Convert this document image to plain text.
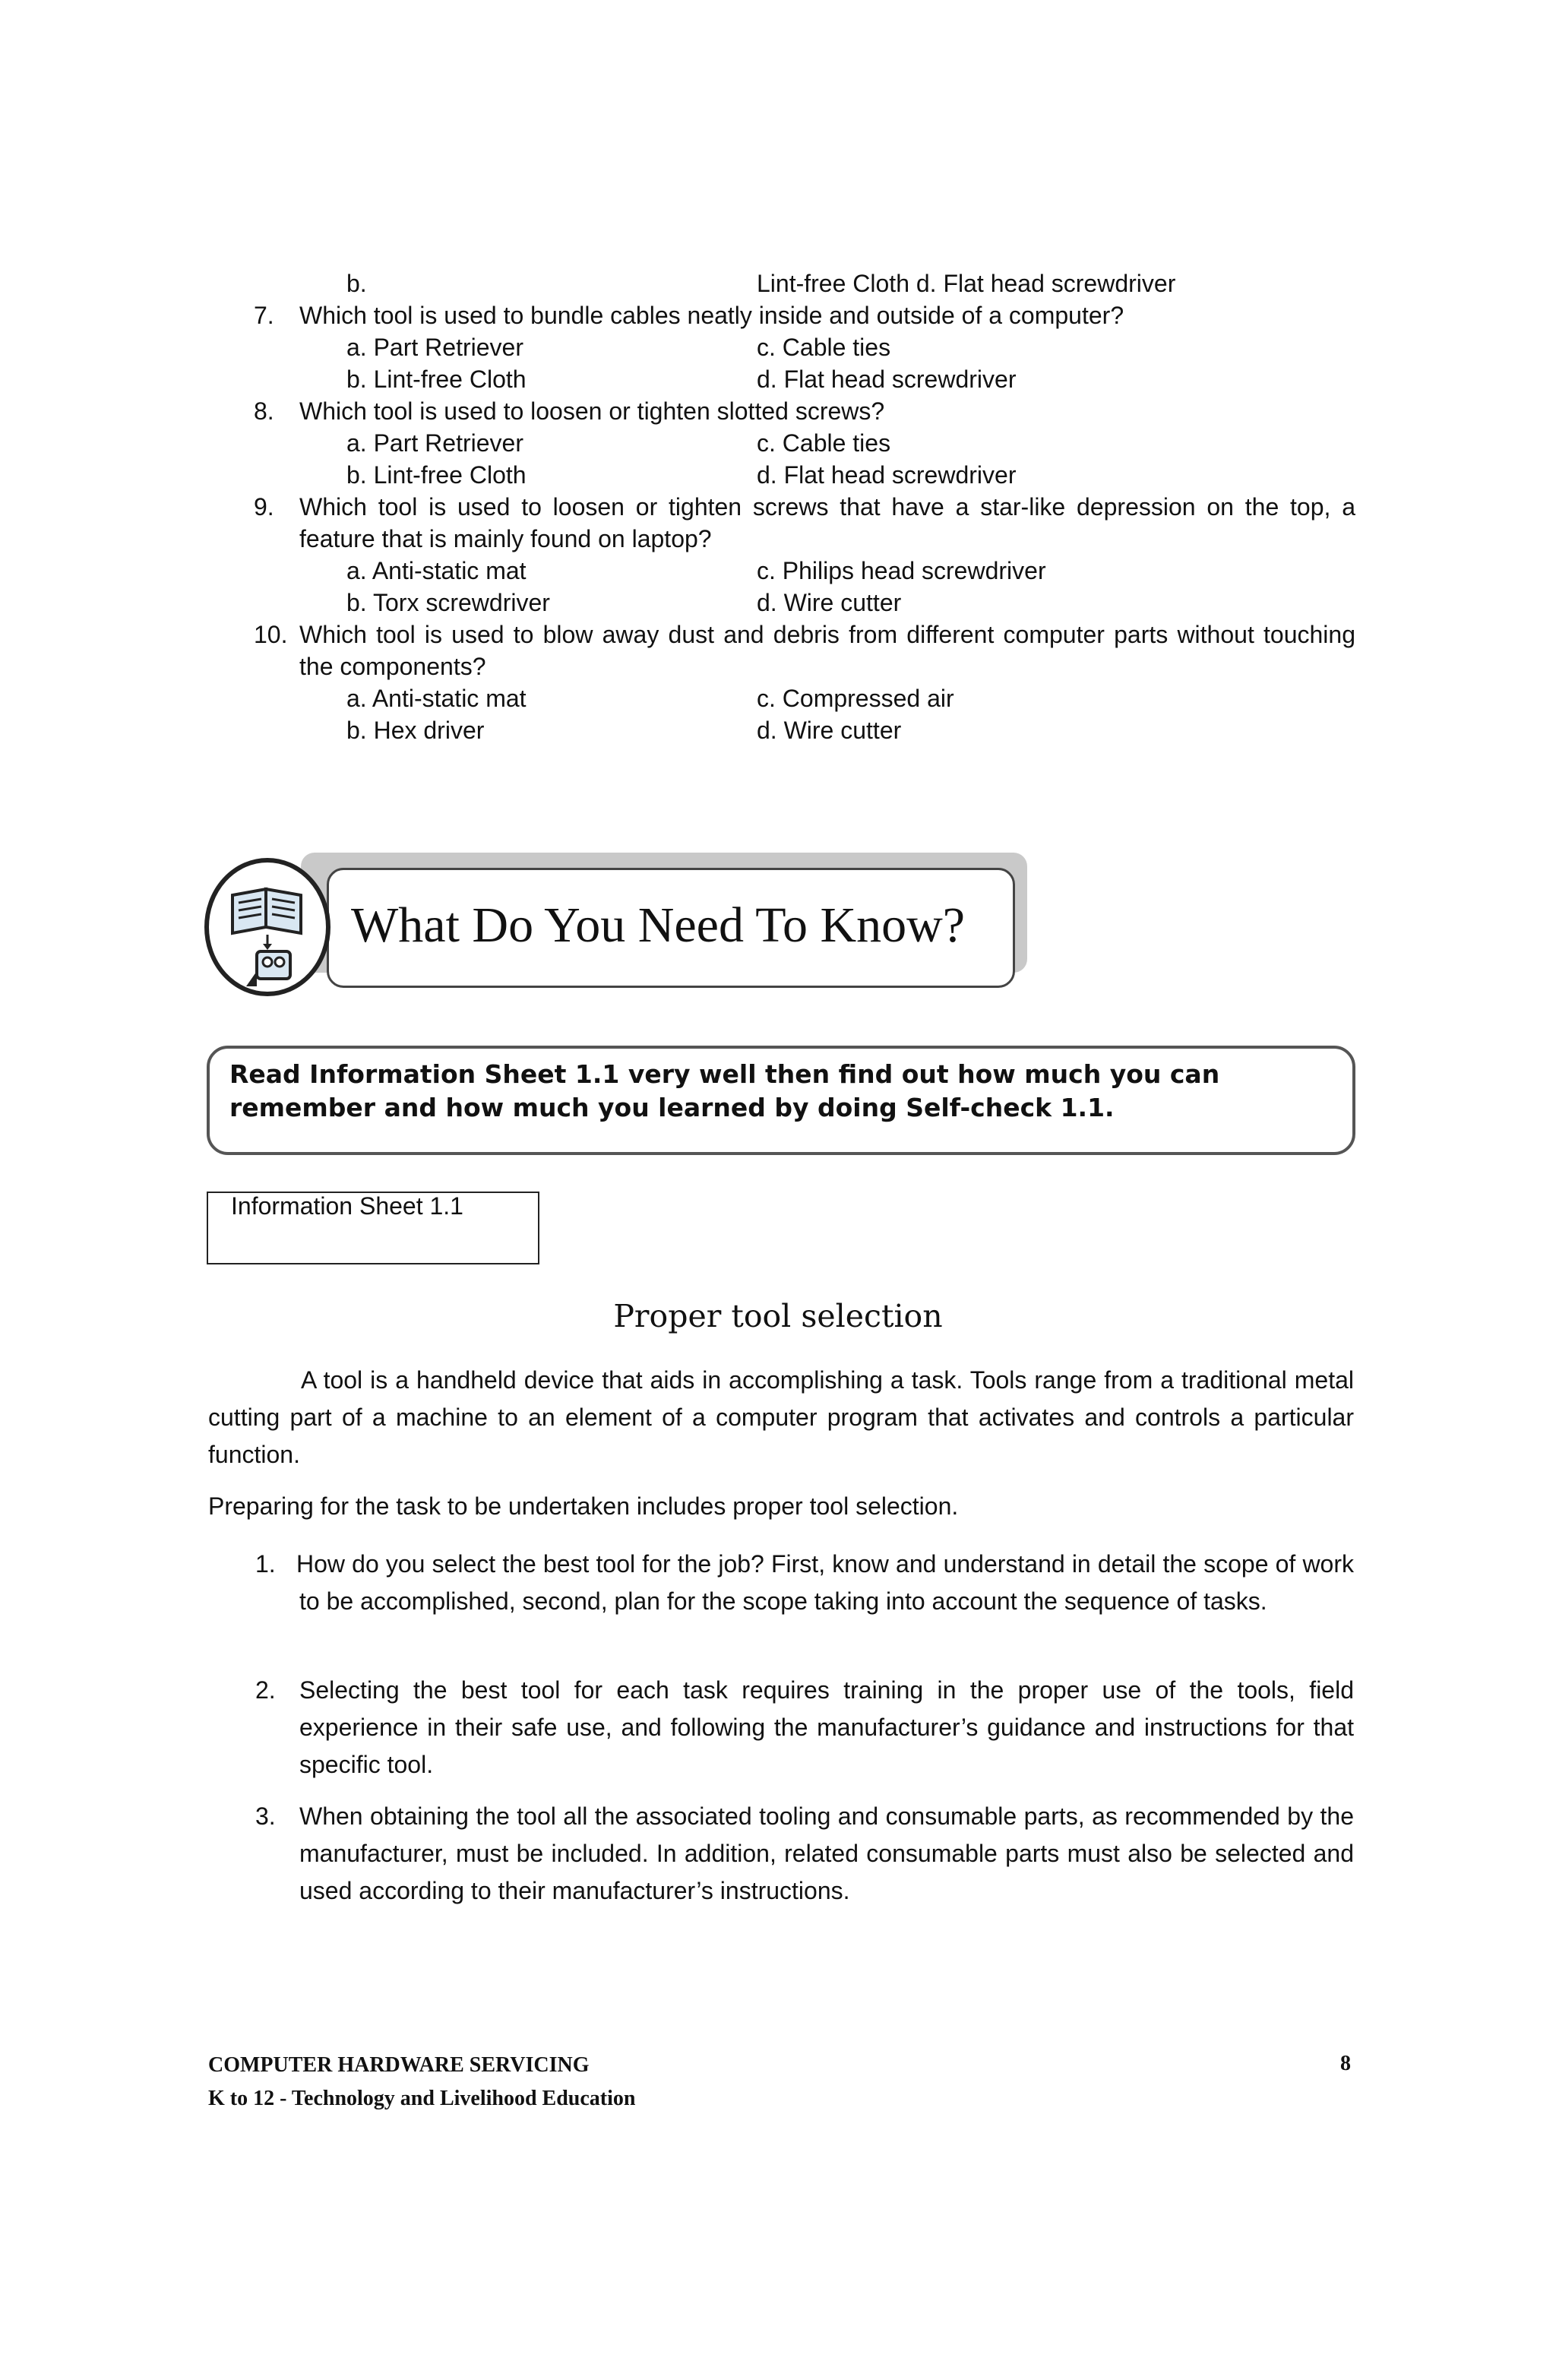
b.	Lint-free Cloth d. Flat head screwdriver
7. Which tool is used to bundle cables neatly inside and outside of a computer?
a. Part Retriever	c. Cable ties
b. Lint-free Cloth	d. Flat head screwdriver
8. Which tool is used to loosen or tighten slotted screws?
a. Part Retriever	c. Cable ties
b. Lint-free Cloth	d. Flat head screwdriver
9. Which tool is used to loosen or tighten screws that have a star-like depression on the top, a feature that is mainly found on laptop?
a. Anti-static mat	c. Philips head screwdriver
b. Torx screwdriver	d. Wire cutter
10. Which tool is used to blow away dust and debris from different computer parts without touching the components?
a. Anti-static mat	c. Compressed air
b. Hex driver	d. Wire cutter
What Do You Need To Know?
Read Information Sheet 1.1 very well then find out how much you can remember and how much you learned by doing Self-check 1.1.
Information Sheet 1.1
Proper tool selection
A tool is a handheld device that aids in accomplishing a task. Tools range from a traditional metal cutting part of a machine to an element of a computer program that activates and controls a particular function.
Preparing for the task to be undertaken includes proper tool selection.
1. How do you select the best tool for the job? First, know and understand in detail the scope of work to be accomplished, second, plan for the scope taking into account the sequence of tasks.
2. Selecting the best tool for each task requires training in the proper use of the tools, field experience in their safe use, and following the manufacturer’s guidance and instructions for that specific tool.
3. When obtaining the tool all the associated tooling and consumable parts, as recommended by the manufacturer, must be included. In addition, related consumable parts must also be selected and used according to their manufacturer’s instructions.
COMPUTER HARDWARE SERVICING
K to 12 - Technology and Livelihood Education
8
